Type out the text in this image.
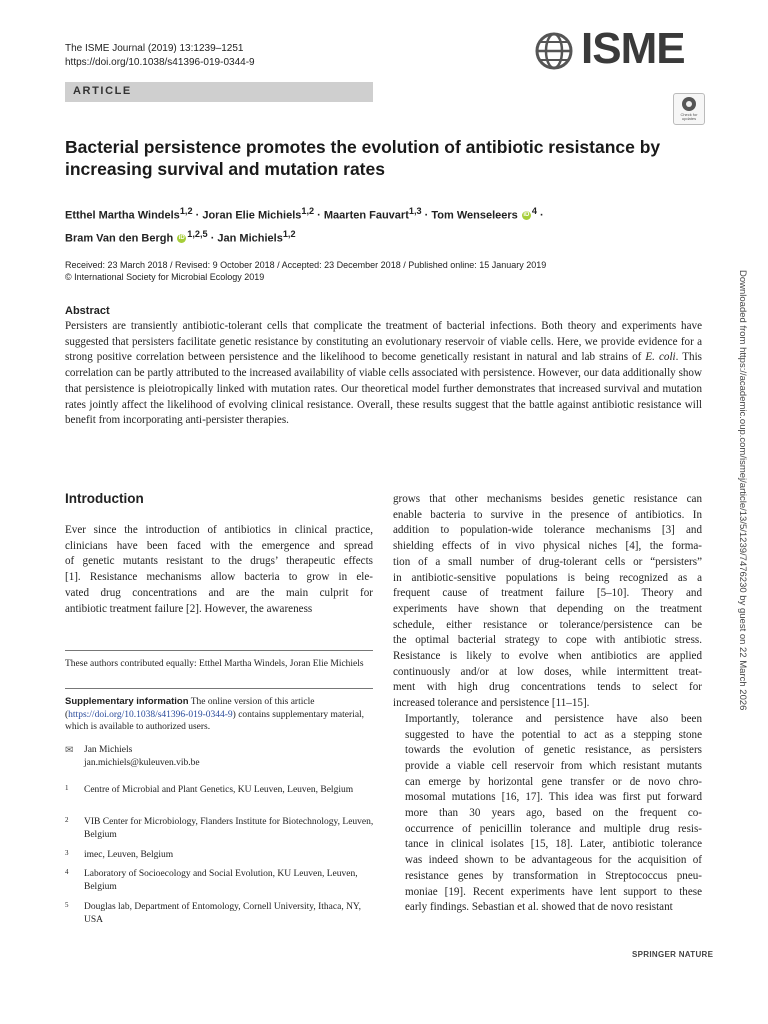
The ISME Journal (2019) 13:1239–1251
https://doi.org/10.1038/s41396-019-0344-9	ISME
ARTICLE
Check for updates
Bacterial persistence promotes the evolution of antibiotic resistance by increasing survival and mutation rates
Etthel Martha Windels$^{1,2}$ · Joran Elie Michiels$^{1,2}$ · Maarten Fauvart$^{1,3}$ · Tom Wenseleers iD $^4$ ·
Bram Van den Bergh iD $^{1,2,5}$ · Jan Michiels$^{1,2}$
Received: 23 March 2018 / Revised: 9 October 2018 / Accepted: 23 December 2018 / Published online: 15 January 2019
© International Society for Microbial Ecology 2019
Abstract
Persisters are transiently antibiotic-tolerant cells that complicate the treatment of bacterial infections. Both theory and experiments have suggested that persisters facilitate genetic resistance by constituting an evolutionary reservoir of viable cells. Here, we provide evidence for a strong positive correlation between persistence and the likelihood to become genetically resistant in natural and lab strains of E. coli. This correlation can be partly attributed to the increased availability of viable cells associated with persistence. However, our data additionally show that persistence is pleiotropically linked with mutation rates. Our theoretical model further demonstrates that increased survival and mutation rates jointly affect the likelihood of evolving clinical resistance. Overall, these results suggest that the battle against antibiotic resistance will benefit from incorporating anti-persister therapies.
Introduction
Ever since the introduction of antibiotics in clinical practice,
clinicians have been faced with the emergence and spread
of genetic mutants resistant to the drugs’ therapeutic effects
[1]. Resistance mechanisms allow bacteria to grow in ele-
vated drug concentrations and are the main culprit for
antibiotic treatment failure [2]. However, the awareness

grows that other mechanisms besides genetic resistance can
enable bacteria to survive in the presence of antibiotics. In
addition to population-wide tolerance mechanisms [3] and
shielding effects of in vivo physical niches [4], the forma-
tion of a small number of drug-tolerant cells or “persisters”
in antibiotic-sensitive populations is being recognized as a
frequent cause of treatment failure [5–10]. Theory and
experiments have shown that depending on the treatment
schedule, either resistance or tolerance/persistence can be
the optimal bacterial strategy to cope with antibiotic stress.
Resistance is likely to evolve when antibiotics are applied
continuously and/or at low doses, while intermittent treat-
ment with high drug concentrations tends to select for
increased tolerance and persistence [11–15].

Importantly, tolerance and persistence have also been
suggested to have the potential to act as a stepping stone
towards the evolution of genetic resistance, as persisters
provide a viable cell reservoir from which resistant mutants
can emerge by horizontal gene transfer or de novo chro-
mosomal mutations [16, 17]. This idea was first put forward
more than 30 years ago, based on the frequent co-
occurrence of penicillin tolerance and multiple drug resis-
tance in clinical isolates [15, 18]. Later, antibiotic tolerance
was indeed shown to be advantageous for the acquisition of
resistance genes by transformation in Streptococcus pneu-
moniae [19]. Recent experiments have lent support to these
early findings. Sebastian et al. showed that de novo resistant

These authors contributed equally: Etthel Martha Windels, Joran Elie Michiels
Supplementary information The online version of this article (https://doi.org/10.1038/s41396-019-0344-9) contains supplementary material, which is available to authorized users.
✉ Jan Michiels
jan.michiels@kuleuven.vib.be
1 Centre of Microbial and Plant Genetics, KU Leuven, Leuven, Belgium
2 VIB Center for Microbiology, Flanders Institute for Biotechnology, Leuven, Belgium
3 imec, Leuven, Belgium
4 Laboratory of Socioecology and Social Evolution, KU Leuven, Leuven, Belgium
5 Douglas lab, Department of Entomology, Cornell University, Ithaca, NY, USA
SPRINGER NATURE
Downloaded from https://academic.oup.com/ismej/article/13/5/1239/7476230 by guest on 22 March 2026
